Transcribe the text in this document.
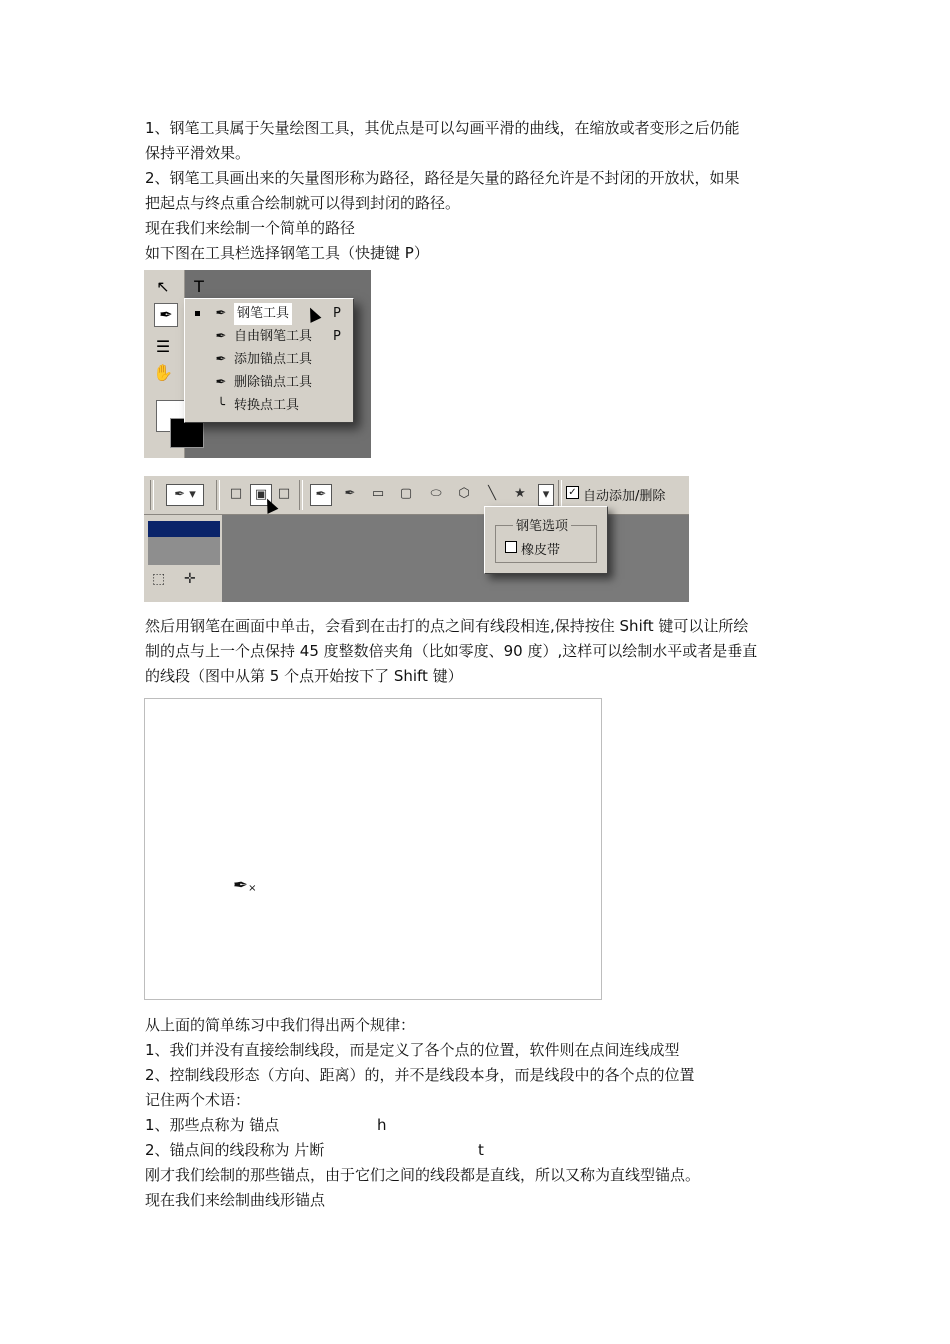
1、钢笔工具属于矢量绘图工具，其优点是可以勾画平滑的曲线，在缩放或者变形之后仍能
保持平滑效果。
2、钢笔工具画出来的矢量图形称为路径，路径是矢量的路径允许是不封闭的开放状，如果
把起点与终点重合绘制就可以得到封闭的路径。
现在我们来绘制一个简单的路径
如下图在工具栏选择钢笔工具（快捷键 P）
↖	T
✒
☰
✋
✒ 钢笔工具	P
✒ 自由钢笔工具 P
✒ 添加锚点工具
✒ 删除锚点工具
╰ 转换点工具
✒ ▾	□ ▣ □	✒	✒	▭ ▢	⬭	⬡	╲	★	▾	✓ 自动添加/删除
⬚ ✛
钢笔选项
橡皮带
然后用钢笔在画面中单击，会看到在击打的点之间有线段相连,保持按住 Shift 键可以让所绘
制的点与上一个点保持 45 度整数倍夹角（比如零度、90 度）,这样可以绘制水平或者是垂直
的线段（图中从第 5 个点开始按下了 Shift 键）
✒×
从上面的简单练习中我们得出两个规律：
1、我们并没有直接绘制线段，而是定义了各个点的位置，软件则在点间连线成型
2、控制线段形态（方向、距离）的，并不是线段本身，而是线段中的各个点的位置
记住两个术语：
1、那些点称为 锚点	h
2、锚点间的线段称为 片断	t
刚才我们绘制的那些锚点，由于它们之间的线段都是直线，所以又称为直线型锚点。
现在我们来绘制曲线形锚点
